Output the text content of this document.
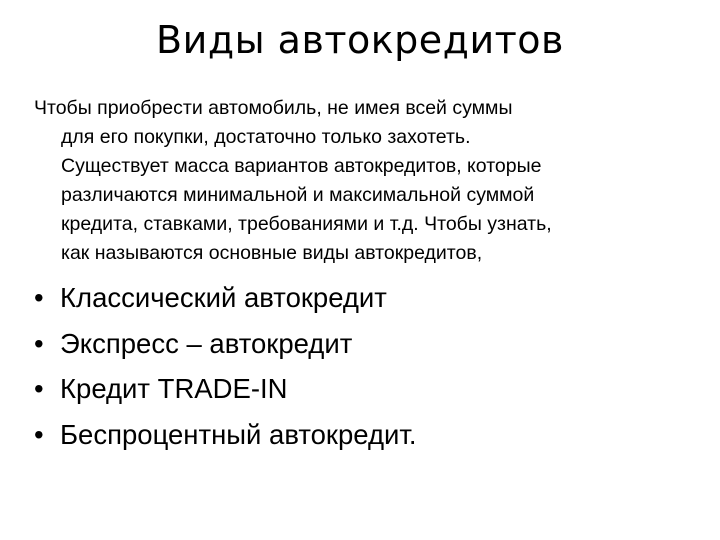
Виды автокредитов
Чтобы приобрести автомобиль, не имея всей суммы
для его покупки, достаточно только захотеть.
Существует масса вариантов автокредитов, которые
различаются минимальной и максимальной суммой
кредита, ставками, требованиями и т.д. Чтобы узнать,
как называются основные виды автокредитов,
• Классический автокредит
• Экспресс – автокредит
• Кредит TRADE-IN
• Беспроцентный автокредит.
